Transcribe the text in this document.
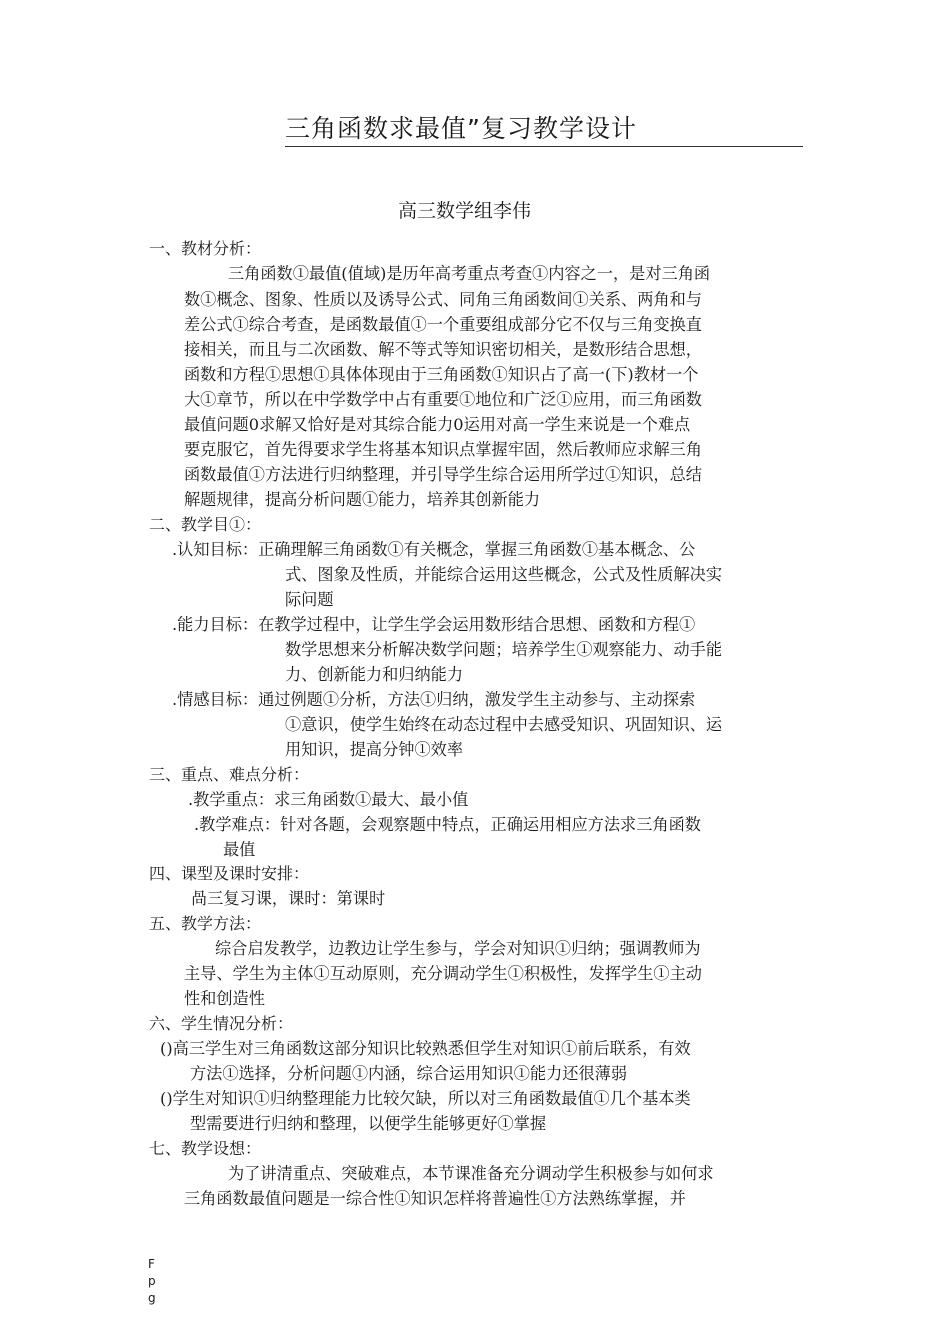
三角函数求最值”复习教学设计
高三数学组李伟
一、教材分析：
三角函数①最值(值域)是历年高考重点考查①内容之一，是对三角函
数①概念、图象、性质以及诱导公式、同角三角函数间①关系、两角和与
差公式①综合考查，是函数最值①一个重要组成部分它不仅与三角变换直
接相关，而且与二次函数、解不等式等知识密切相关，是数形结合思想，
函数和方程①思想①具体体现由于三角函数①知识占了高一(下)教材一个
大①章节，所以在中学数学中占有重要①地位和广泛①应用，而三角函数
最值问题0求解又恰好是对其综合能力0运用对高一学生来说是一个难点
要克服它，首先得要求学生将基本知识点掌握牢固，然后教师应求解三角
函数最值①方法进行归纳整理，并引导学生综合运用所学过①知识，总结
解题规律，提高分析问题①能力，培养其创新能力
二、教学目①：
.认知目标：正确理解三角函数①有关概念，掌握三角函数①基本概念、公
式、图象及性质，并能综合运用这些概念，公式及性质解决实
际问题
.能力目标：在教学过程中，让学生学会运用数形结合思想、函数和方程①
数学思想来分析解决数学问题；培养学生①观察能力、动手能
力、创新能力和归纳能力
.情感目标：通过例题①分析，方法①归纳，激发学生主动参与、主动探索
①意识，使学生始终在动态过程中去感受知识、巩固知识、运
用知识，提高分钟①效率
三、重点、难点分析：
.教学重点：求三角函数①最大、最小值
.教学难点：针对各题，会观察题中特点，正确运用相应方法求三角函数
最值
四、课型及课时安排：
咼三复习课，课时：第课时
五、教学方法：
综合启发教学，边教边让学生参与，学会对知识①归纳；强调教师为
主导、学生为主体①互动原则，充分调动学生①积极性，发挥学生①主动
性和创造性
六、学生情况分析：
()高三学生对三角函数这部分知识比较熟悉但学生对知识①前后联系，有效
方法①选择，分析问题①内涵，综合运用知识①能力还很薄弱
()学生对知识①归纳整理能力比较欠缺，所以对三角函数最值①几个基本类
型需要进行归纳和整理，以便学生能够更好①掌握
七、教学设想：
为了讲清重点、突破难点，本节课准备充分调动学生积极参与如何求
三角函数最值问题是一综合性①知识怎样将普遍性①方法熟练掌握，并
Fpg
